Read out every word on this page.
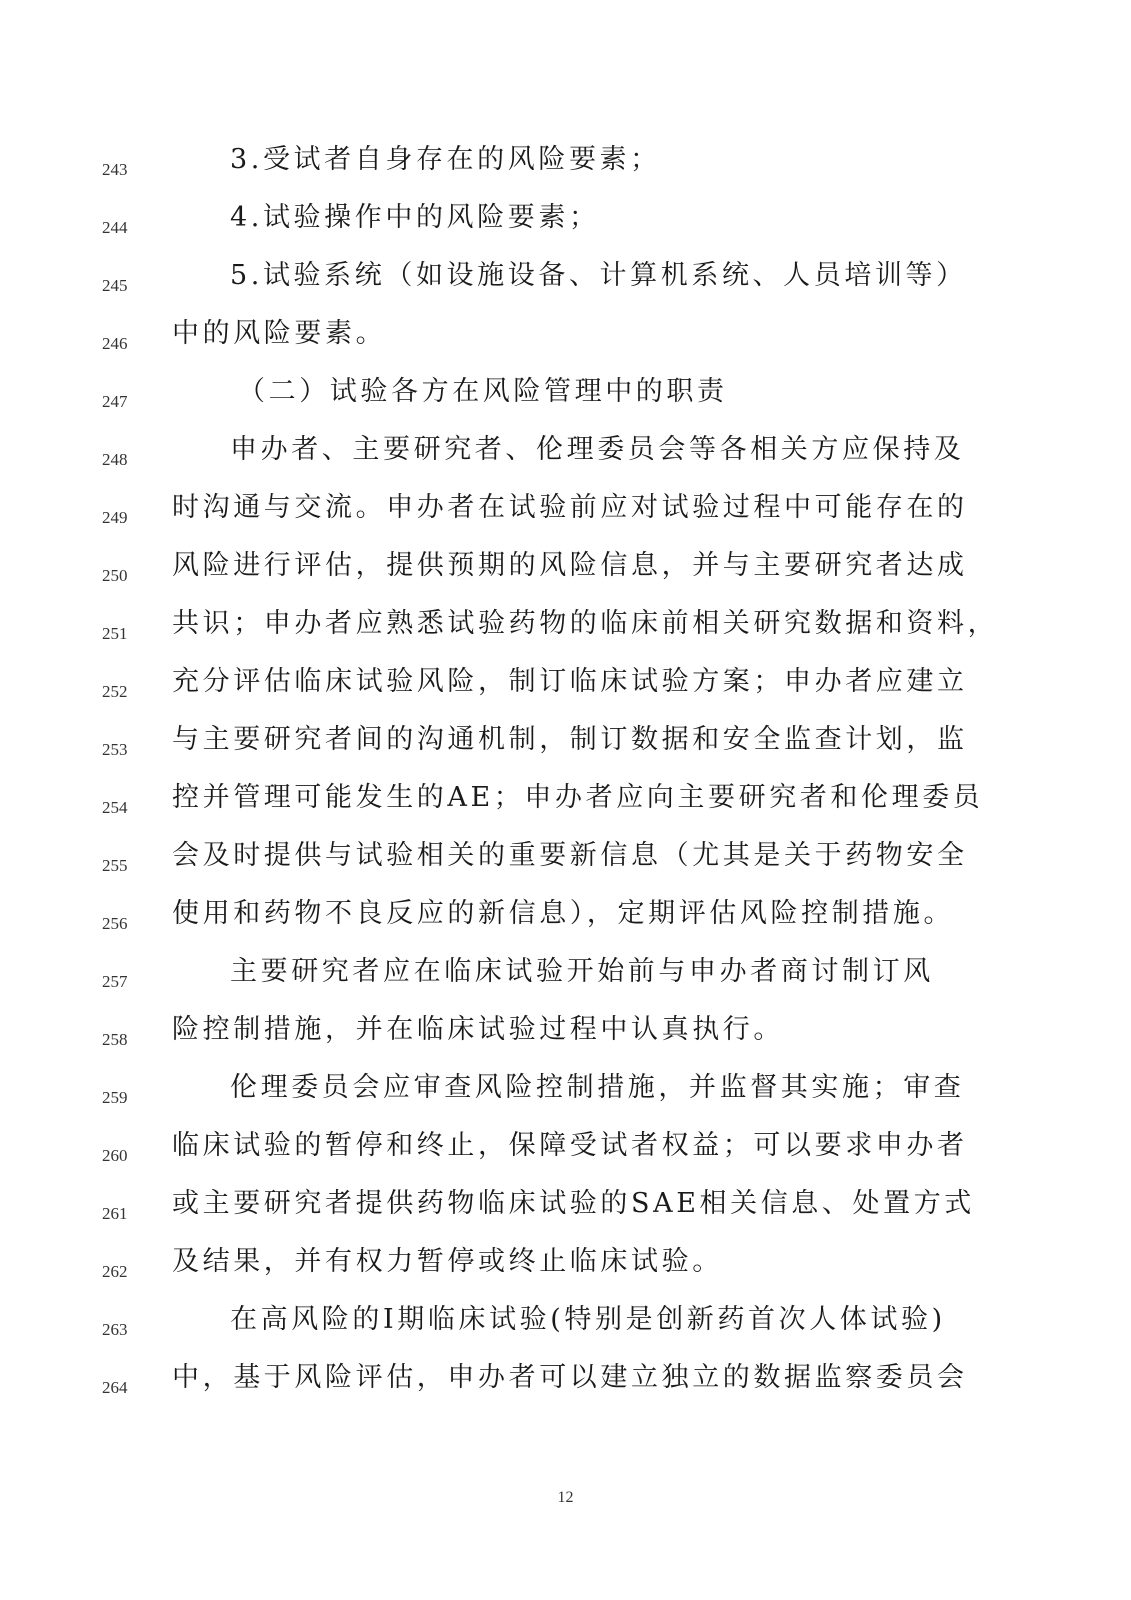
243	3.受试者自身存在的风险要素；
244	4.试验操作中的风险要素；
245	5.试验系统（如设施设备、计算机系统、人员培训等）
246	中的风险要素。
247	（二）试验各方在风险管理中的职责
248	申办者、主要研究者、伦理委员会等各相关方应保持及
249	时沟通与交流。申办者在试验前应对试验过程中可能存在的
250	风险进行评估，提供预期的风险信息，并与主要研究者达成
251	共识；申办者应熟悉试验药物的临床前相关研究数据和资料，
252	充分评估临床试验风险，制订临床试验方案；申办者应建立
253	与主要研究者间的沟通机制，制订数据和安全监查计划，监
254	控并管理可能发生的AE；申办者应向主要研究者和伦理委员
255	会及时提供与试验相关的重要新信息（尤其是关于药物安全
256	使用和药物不良反应的新信息），定期评估风险控制措施。
257	主要研究者应在临床试验开始前与申办者商讨制订风
258	险控制措施，并在临床试验过程中认真执行。
259	伦理委员会应审查风险控制措施，并监督其实施；审查
260	临床试验的暂停和终止，保障受试者权益；可以要求申办者
261	或主要研究者提供药物临床试验的SAE相关信息、处置方式
262	及结果，并有权力暂停或终止临床试验。
263	在高风险的I期临床试验(特别是创新药首次人体试验)
264	中，基于风险评估，申办者可以建立独立的数据监察委员会
12
